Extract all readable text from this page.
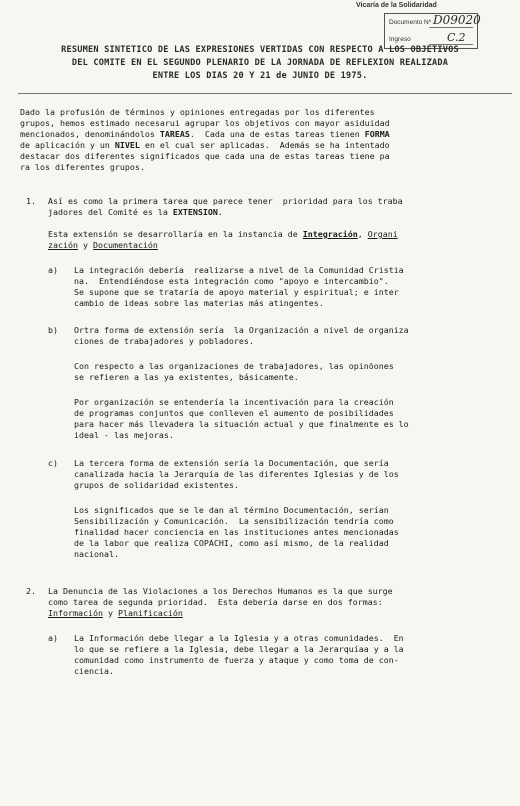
Vicaría de la Solidaridad
Documento Nº D09020
Ingreso	C.2
RESUMEN SINTETICO DE LAS EXPRESIONES VERTIDAS CON RESPECTO A LOS OBJETIVOS
DEL COMITE EN EL SEGUNDO PLENARIO DE LA JORNADA DE REFLEXION REALIZADA
ENTRE LOS DIAS 20 Y 21 de JUNIO DE 1975.
Dado la profusión de términos y opiniones entregadas por los diferentes
grupos, hemos estimado necesarui agrupar los objetivos con mayor asiduidad
mencionados, denominándolos TAREAS.  Cada una de estas tareas tienen FORMA
de aplicación y un NIVEL en el cual ser aplicadas.  Además se ha intentado
destacar dos diferentes significados que cada una de estas tareas tiene pa
ra los diferentes grupos.
1. Así es como la primera tarea que parece tener  prioridad para los traba
jadores del Comité es la EXTENSION.
Esta extensión se desarrollaría en la instancia de Integración, Organi
zación y Documentación
a) La integración debería  realizarse a nivel de la Comunidad Cristia
na.  Entendiéndose esta integración como "apoyo e intercambio".
Se supone que se trataría de apoyo material y espiritual; e inter
cambio de ideas sobre las materias más atingentes.
b) Ortra forma de extensión sería  la Organización a nivel de organiza
ciones de trabajadores y pobladores.
Con respecto a las organizaciones de trabajadores, las opinõones
se refieren a las ya existentes, básicamente.
Por organización se entendería la incentivación para la creación
de programas conjuntos que conlleven el aumento de posibilidades
para hacer más llevadera la situación actual y que finalmente es lo
ideal - las mejoras.
c) La tercera forma de extensión sería la Documentación, que sería
canalizada hacia la Jerarquía de las diferentes Iglesias y de los
grupos de solidaridad existentes.
Los significados que se le dan al término Documentación, serían
Sensibilización y Comunicación.  La sensibilización tendría como
finalidad hacer conciencia en las instituciones antes mencionadas
de la labor que realiza COPACHI, como así mismo, de la realidad
nacional.
2. La Denuncia de las Violaciones a los Derechos Humanos es la que surge
como tarea de segunda prioridad.  Esta debería darse en dos formas:
Información y Planificación
a) La Información debe llegar a la Iglesia y a otras comunidades.  En
lo que se refiere a la Iglesia, debe llegar a la Jerarquíaa y a la
comunidad como instrumento de fuerza y ataque y como toma de con-
ciencia.
